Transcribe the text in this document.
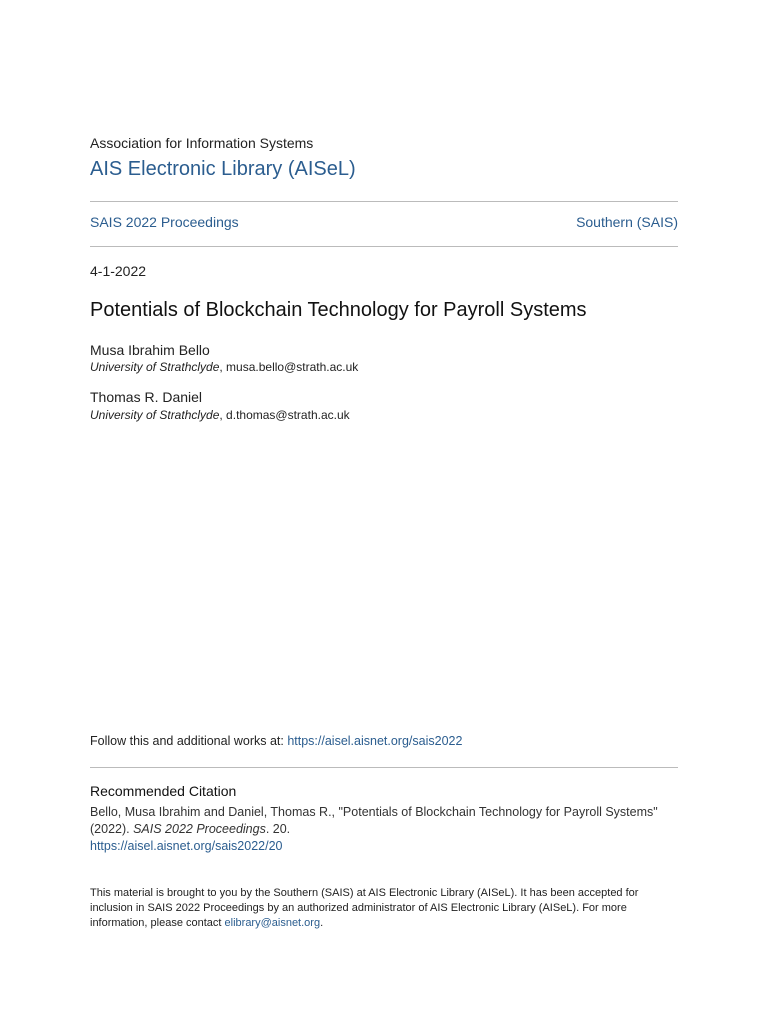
Association for Information Systems
AIS Electronic Library (AISeL)
SAIS 2022 Proceedings	Southern (SAIS)
4-1-2022
Potentials of Blockchain Technology for Payroll Systems
Musa Ibrahim Bello
University of Strathclyde, musa.bello@strath.ac.uk
Thomas R. Daniel
University of Strathclyde, d.thomas@strath.ac.uk
Follow this and additional works at: https://aisel.aisnet.org/sais2022
Recommended Citation
Bello, Musa Ibrahim and Daniel, Thomas R., "Potentials of Blockchain Technology for Payroll Systems" (2022). SAIS 2022 Proceedings. 20.
https://aisel.aisnet.org/sais2022/20
This material is brought to you by the Southern (SAIS) at AIS Electronic Library (AISeL). It has been accepted for inclusion in SAIS 2022 Proceedings by an authorized administrator of AIS Electronic Library (AISeL). For more information, please contact elibrary@aisnet.org.
